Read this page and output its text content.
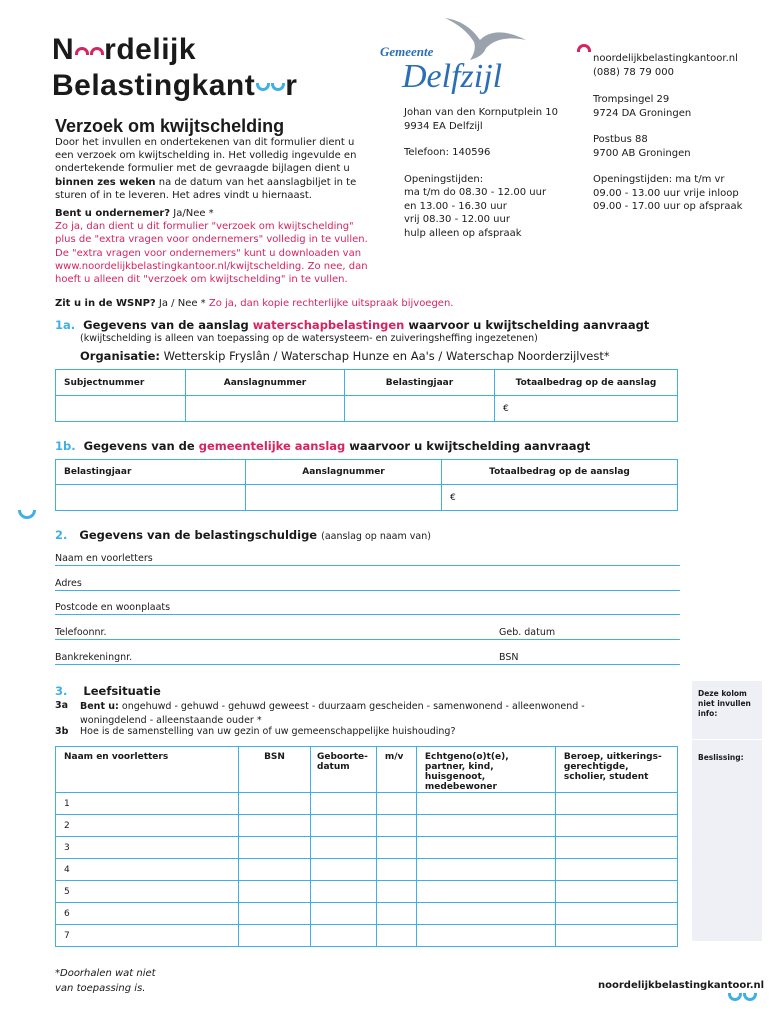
N rdelijk
Belastingkant r
Gemeente
Delfzijl
Johan van den Kornputplein 10
9934 EA Delfzijl
Telefoon: 140596
Openingstijden:
ma t/m do 08.30 - 12.00 uur
en 13.00 - 16.30 uur
vrij 08.30 - 12.00 uur
hulp alleen op afspraak
noordelijkbelastingkantoor.nl
(088) 78 79 000
Trompsingel 29
9724 DA Groningen
Postbus 88
9700 AB Groningen
Openingstijden: ma t/m vr
09.00 - 13.00 uur vrije inloop
09.00 - 17.00 uur op afspraak
Verzoek om kwijtschelding
Door het invullen en ondertekenen van dit formulier dient u een verzoek om kwijtschelding in. Het volledig ingevulde en ondertekende formulier met de gevraagde bijlagen dient u binnen zes weken na de datum van het aanslagbiljet in te sturen of in te leveren. Het adres vindt u hiernaast.
Bent u ondernemer? Ja/Nee *
Zo ja, dan dient u dit formulier "verzoek om kwijtschelding" plus de "extra vragen voor ondernemers" volledig in te vullen. De "extra vragen voor ondernemers" kunt u downloaden van www.noordelijkbelastingkantoor.nl/kwijtschelding. Zo nee, dan hoeft u alleen dit "verzoek om kwijtschelding" in te vullen.
Zit u in de WSNP? Ja / Nee * Zo ja, dan kopie rechterlijke uitspraak bijvoegen.
1a. Gegevens van de aanslag waterschapbelastingen waarvoor u kwijtschelding aanvraagt
(kwijtschelding is alleen van toepassing op de watersysteem- en zuiveringsheffing ingezetenen)
Organisatie: Wetterskip Fryslân / Waterschap Hunze en Aa's / Waterschap Noorderzijlvest*
Subjectnummer	Aanslagnummer	Belastingjaar	Totaalbedrag op de aanslag
			€
1b. Gegevens van de gemeentelijke aanslag waarvoor u kwijtschelding aanvraagt
Belastingjaar	Aanslagnummer	Totaalbedrag op de aanslag
		€
2. Gegevens van de belastingschuldige (aanslag op naam van)
Naam en voorletters
Adres
Postcode en woonplaats
Telefoonnr.	Geb. datum
Bankrekeningnr.	BSN
3. Leefsituatie
3a Bent u: ongehuwd - gehuwd - gehuwd geweest - duurzaam gescheiden - samenwonend - alleenwonend - woningdelend - alleenstaande ouder *
3b Hoe is de samenstelling van uw gezin of uw gemeenschappelijke huishouding?
Naam en voorletters	BSN	Geboorte-datum	m/v	Echtgeno(o)t(e), partner, kind, huisgenoot, medebewoner	Beroep, uitkerings-gerechtigde, scholier, student
1					
2					
3					
4					
5					
6					
7					
Deze kolom niet invullen info:
Beslissing:
*Doorhalen wat niet
van toepassing is.	noordelijkbelastingkantoor.nl
